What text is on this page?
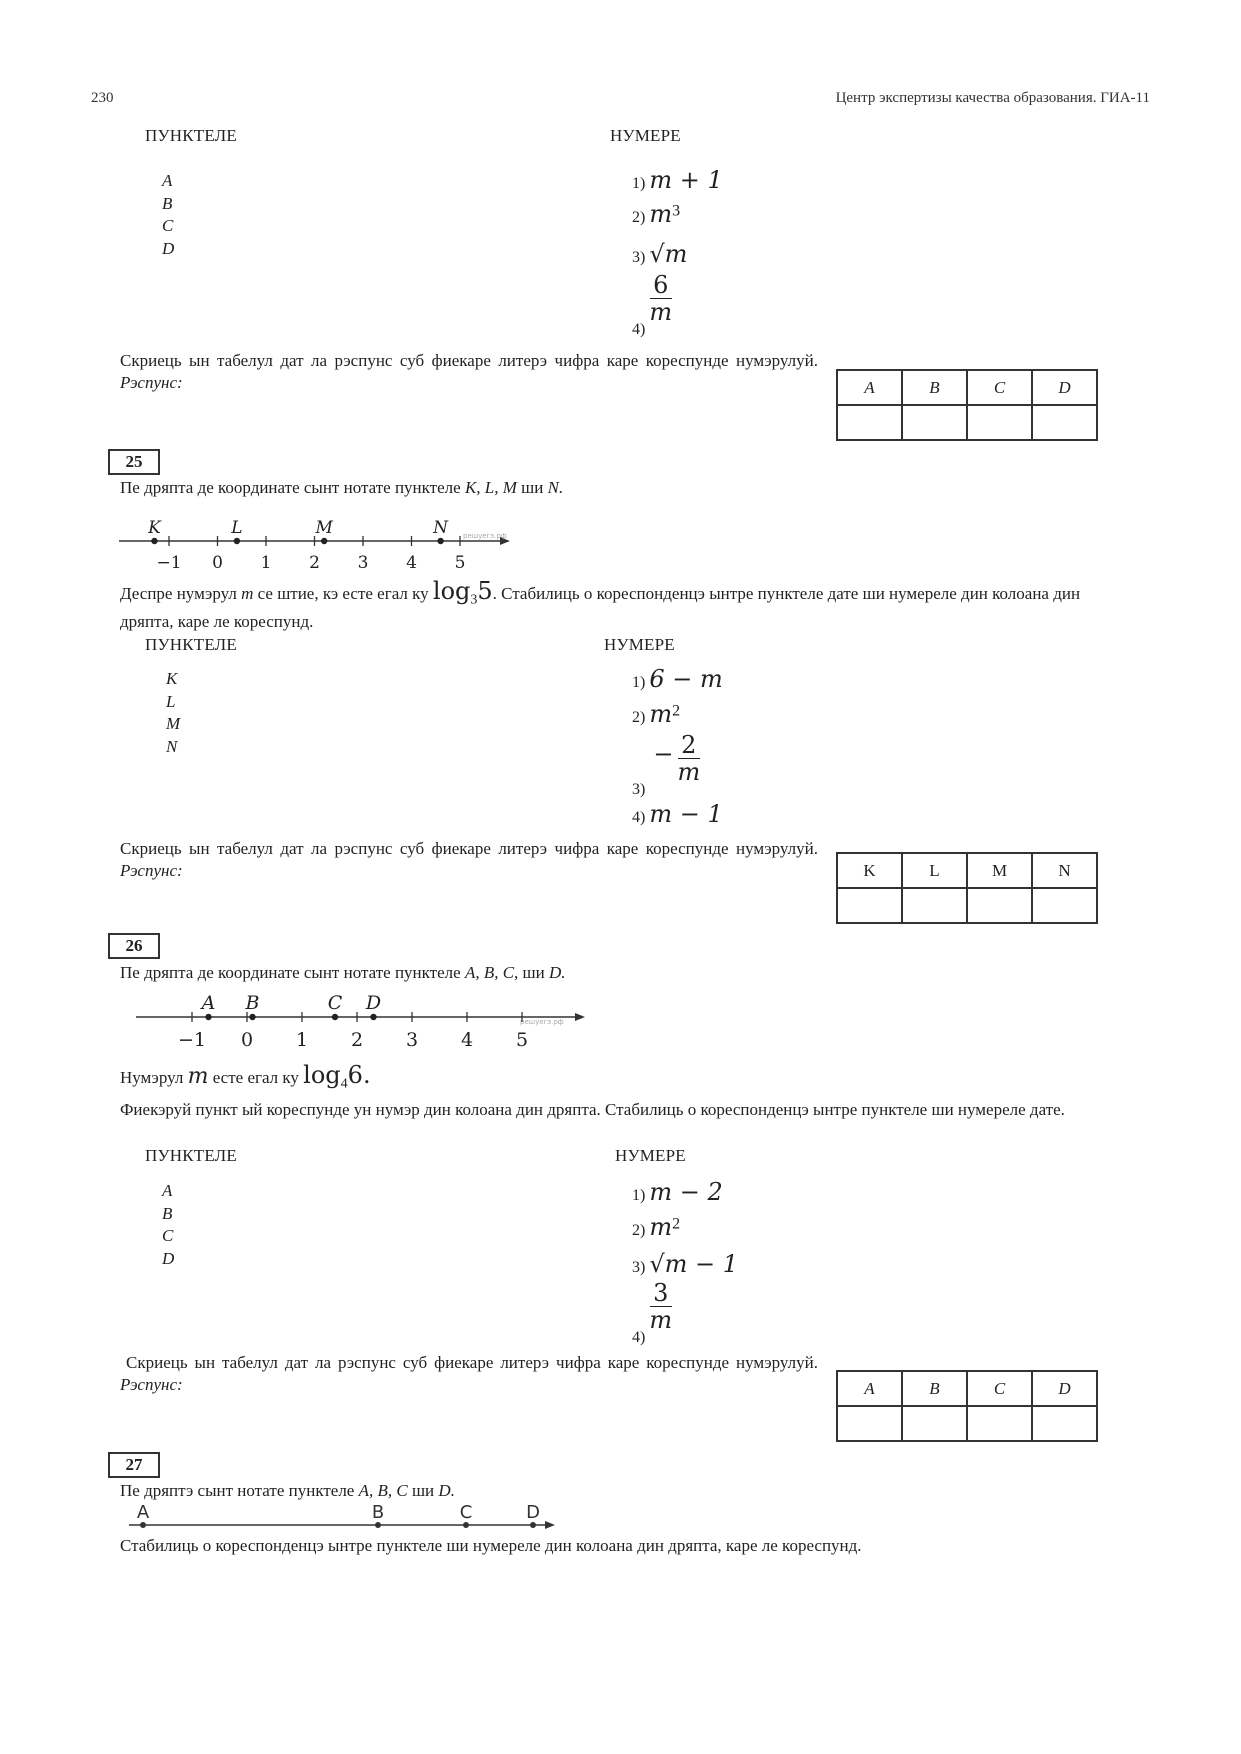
230	Центр экспертизы качества образования. ГИА-11
ПУНКТЕЛЕ	НУМЕРЕ
A
B
C
D
1) m + 1
2) $m^3$
3) √m
4)
$\frac{6}{m}$
Скриець ын табелул дат ла рэспунс суб фиекаре литерэ чифра каре кореспунде нумэрулуй. Рэспунс:	A	B	C	D

25
Пе дряпта де координате сынт нотате пунктеле K, L, M ши N.
решуегэ.рф
−1 0 1 2 3 4 5
K	L	M	N
Деспре нумэрул m се штие, кэ есте егал ку $\log_35$. Стабилиць о кореспонденцэ ынтре пунктеле дате ши нумереле дин колоана дин дряпта, каре ле кореспунд.
ПУНКТЕЛЕ	НУМЕРЕ
K
L
M
N
1) 6 − m
2) $m^2$
$3) - \frac{2}{m}$
4) m − 1
Скриець ын табелул дат ла рэспунс суб фиекаре литерэ чифра каре кореспунде нумэрулуй. Рэспунс:	K	L	M	N

26
Пе дряпта де координате сынт нотате пунктеле A, B, C, ши D.
решуегэ.рф
−1 0 1 2 3 4 5
A B	C D
Нумэрул m есте егал ку $\log_46$.
Фиекэруй пункт ый кореспунде ун нумэр дин колоана дин дряпта. Стабилиць о кореспонденцэ ынтре пунктеле ши нумереле дате.
ПУНКТЕЛЕ	НУМЕРЕ
A
B
C
D
1) m − 2
2) $m^2$
3) √m − 1
4)
$\frac{3}{m}$
Скриець ын табелул дат ла рэспунс суб фиекаре литерэ чифра каре кореспунде нумэрулуй. Рэспунс:	A	B	C	D

27
Пе дряптэ сынт нотате пунктеле A, B, C ши D.
A	B	C	D
Стабилиць о кореспонденцэ ынтре пунктеле ши нумереле дин колоана дин дряпта, каре ле кореспунд.
